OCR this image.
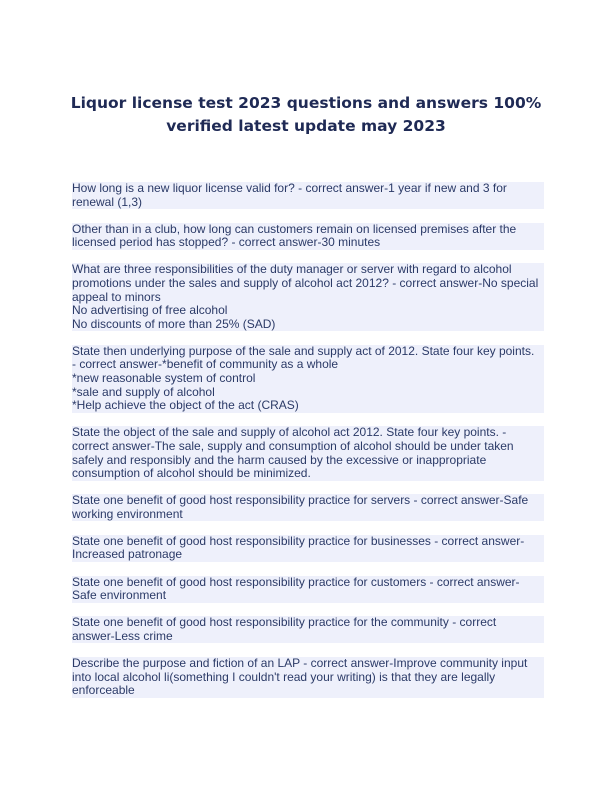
Liquor license test 2023 questions and answers 100%
verified latest update may 2023
How long is a new liquor license valid for? - correct answer-1 year if new and 3 for
renewal (1,3)
Other than in a club, how long can customers remain on licensed premises after the
licensed period has stopped? - correct answer-30 minutes
What are three responsibilities of the duty manager or server with regard to alcohol
promotions under the sales and supply of alcohol act 2012? - correct answer-No special
appeal to minors
No advertising of free alcohol
No discounts of more than 25% (SAD)
State then underlying purpose of the sale and supply act of 2012. State four key points.
- correct answer-*benefit of community as a whole
*new reasonable system of control
*sale and supply of alcohol
*Help achieve the object of the act (CRAS)
State the object of the sale and supply of alcohol act 2012. State four key points. -
correct answer-The sale, supply and consumption of alcohol should be under taken
safely and responsibly and the harm caused by the excessive or inappropriate
consumption of alcohol should be minimized.
State one benefit of good host responsibility practice for servers - correct answer-Safe
working environment
State one benefit of good host responsibility practice for businesses - correct answer-
Increased patronage
State one benefit of good host responsibility practice for customers - correct answer-
Safe environment
State one benefit of good host responsibility practice for the community - correct
answer-Less crime
Describe the purpose and fiction of an LAP - correct answer-Improve community input
into local alcohol li(something I couldn't read your writing) is that they are legally
enforceable
